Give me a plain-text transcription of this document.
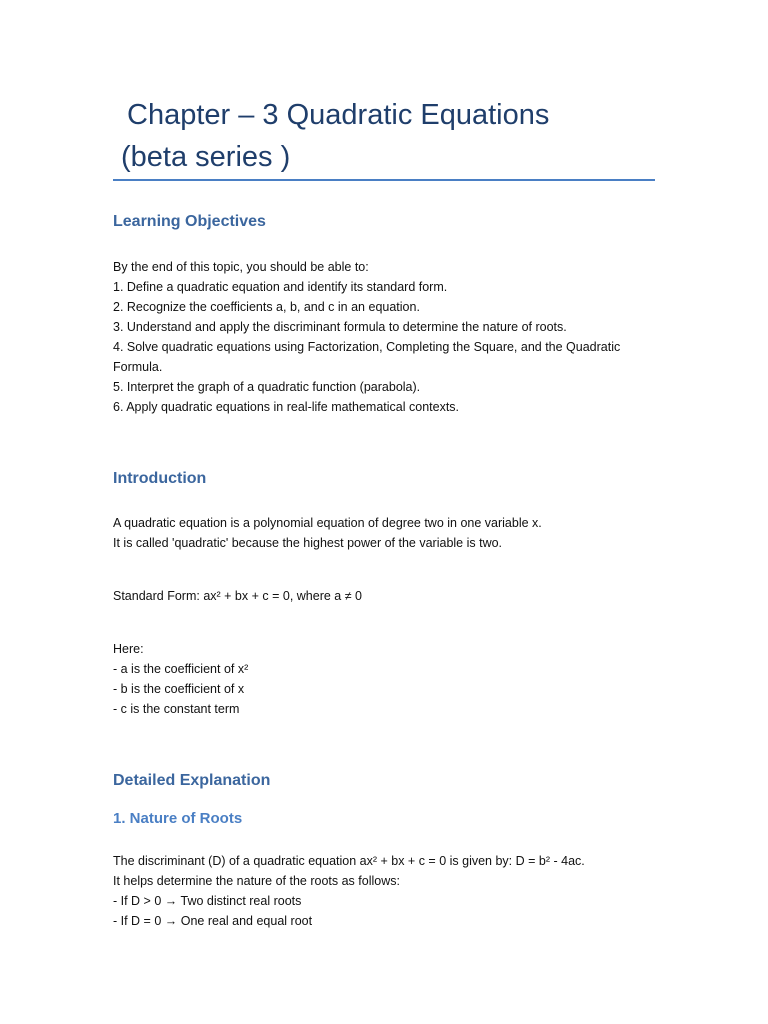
Chapter – 3 Quadratic Equations
(beta series )
Learning Objectives
By the end of this topic, you should be able to:
1. Define a quadratic equation and identify its standard form.
2. Recognize the coefficients a, b, and c in an equation.
3. Understand and apply the discriminant formula to determine the nature of roots.
4. Solve quadratic equations using Factorization, Completing the Square, and the Quadratic Formula.
5. Interpret the graph of a quadratic function (parabola).
6. Apply quadratic equations in real-life mathematical contexts.
Introduction
A quadratic equation is a polynomial equation of degree two in one variable x.
It is called 'quadratic' because the highest power of the variable is two.
Standard Form: ax² + bx + c = 0, where a ≠ 0
Here:
- a is the coefficient of x²
- b is the coefficient of x
- c is the constant term
Detailed Explanation
1. Nature of Roots
The discriminant (D) of a quadratic equation ax² + bx + c = 0 is given by: D = b² - 4ac.
It helps determine the nature of the roots as follows:
- If D > 0 → Two distinct real roots
- If D = 0 → One real and equal root
